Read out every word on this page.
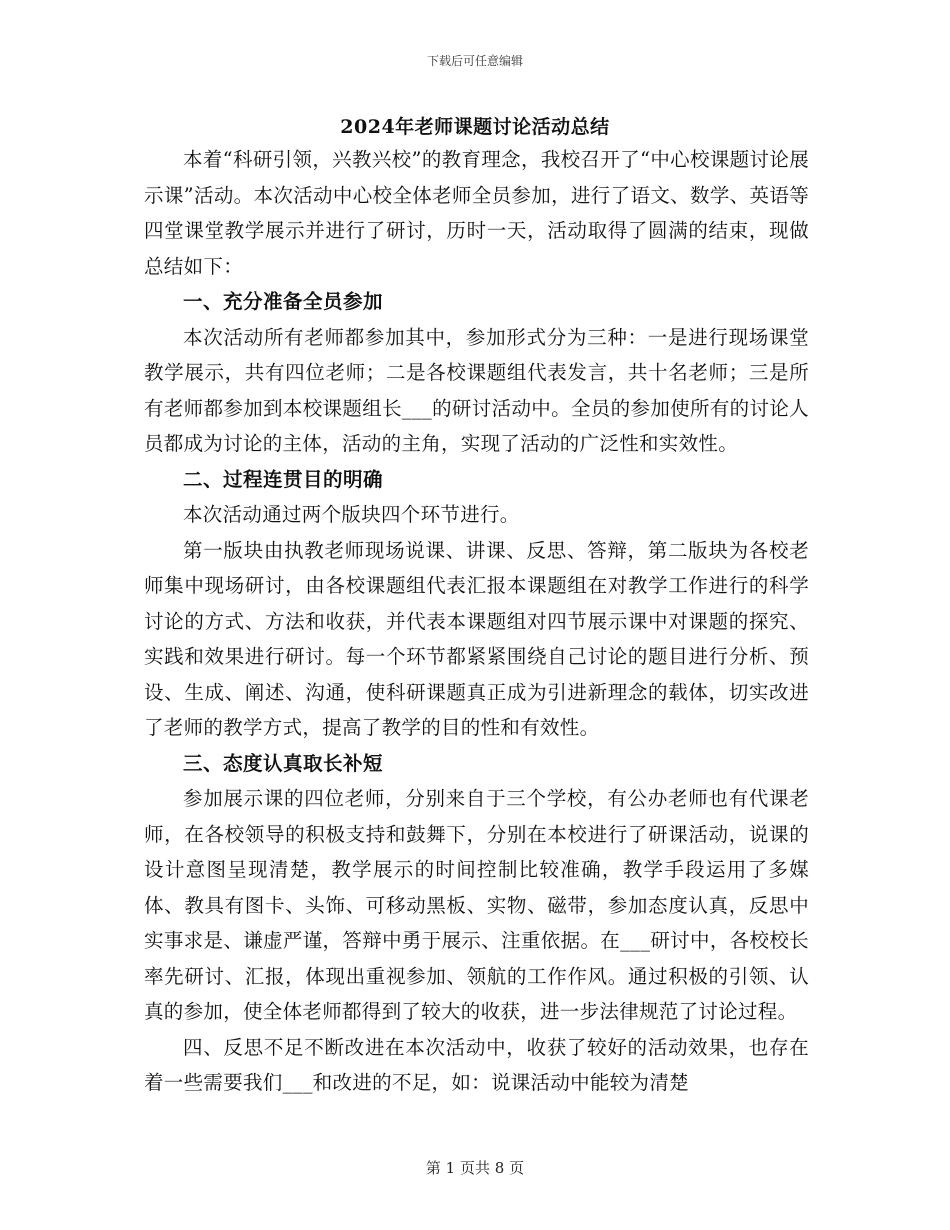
下载后可任意编辑
2024年老师课题讨论活动总结

本着“科研引领，兴教兴校”的教育理念，我校召开了“中心校课题讨论展示课”活动。本次活动中心校全体老师全员参加，进行了语文、数学、英语等四堂课堂教学展示并进行了研讨，历时一天，活动取得了圆满的结束，现做总结如下：

一、充分准备全员参加

本次活动所有老师都参加其中，参加形式分为三种：一是进行现场课堂教学展示，共有四位老师；二是各校课题组代表发言，共十名老师；三是所有老师都参加到本校课题组长___的研讨活动中。全员的参加使所有的讨论人员都成为讨论的主体，活动的主角，实现了活动的广泛性和实效性。

二、过程连贯目的明确

本次活动通过两个版块四个环节进行。

第一版块由执教老师现场说课、讲课、反思、答辩，第二版块为各校老师集中现场研讨，由各校课题组代表汇报本课题组在对教学工作进行的科学讨论的方式、方法和收获，并代表本课题组对四节展示课中对课题的探究、实践和效果进行研讨。每一个环节都紧紧围绕自己讨论的题目进行分析、预设、生成、阐述、沟通，使科研课题真正成为引进新理念的载体，切实改进了老师的教学方式，提高了教学的目的性和有效性。

三、态度认真取长补短

参加展示课的四位老师，分别来自于三个学校，有公办老师也有代课老师，在各校领导的积极支持和鼓舞下，分别在本校进行了研课活动，说课的设计意图呈现清楚，教学展示的时间控制比较准确，教学手段运用了多媒体、教具有图卡、头饰、可移动黑板、实物、磁带，参加态度认真，反思中实事求是、谦虚严谨，答辩中勇于展示、注重依据。在___研讨中，各校校长率先研讨、汇报，体现出重视参加、领航的工作作风。通过积极的引领、认真的参加，使全体老师都得到了较大的收获，进一步法律规范了讨论过程。

四、反思不足不断改进在本次活动中，收获了较好的活动效果，也存在着一些需要我们___和改进的不足，如：说课活动中能较为清楚

第 1 页共 8 页
